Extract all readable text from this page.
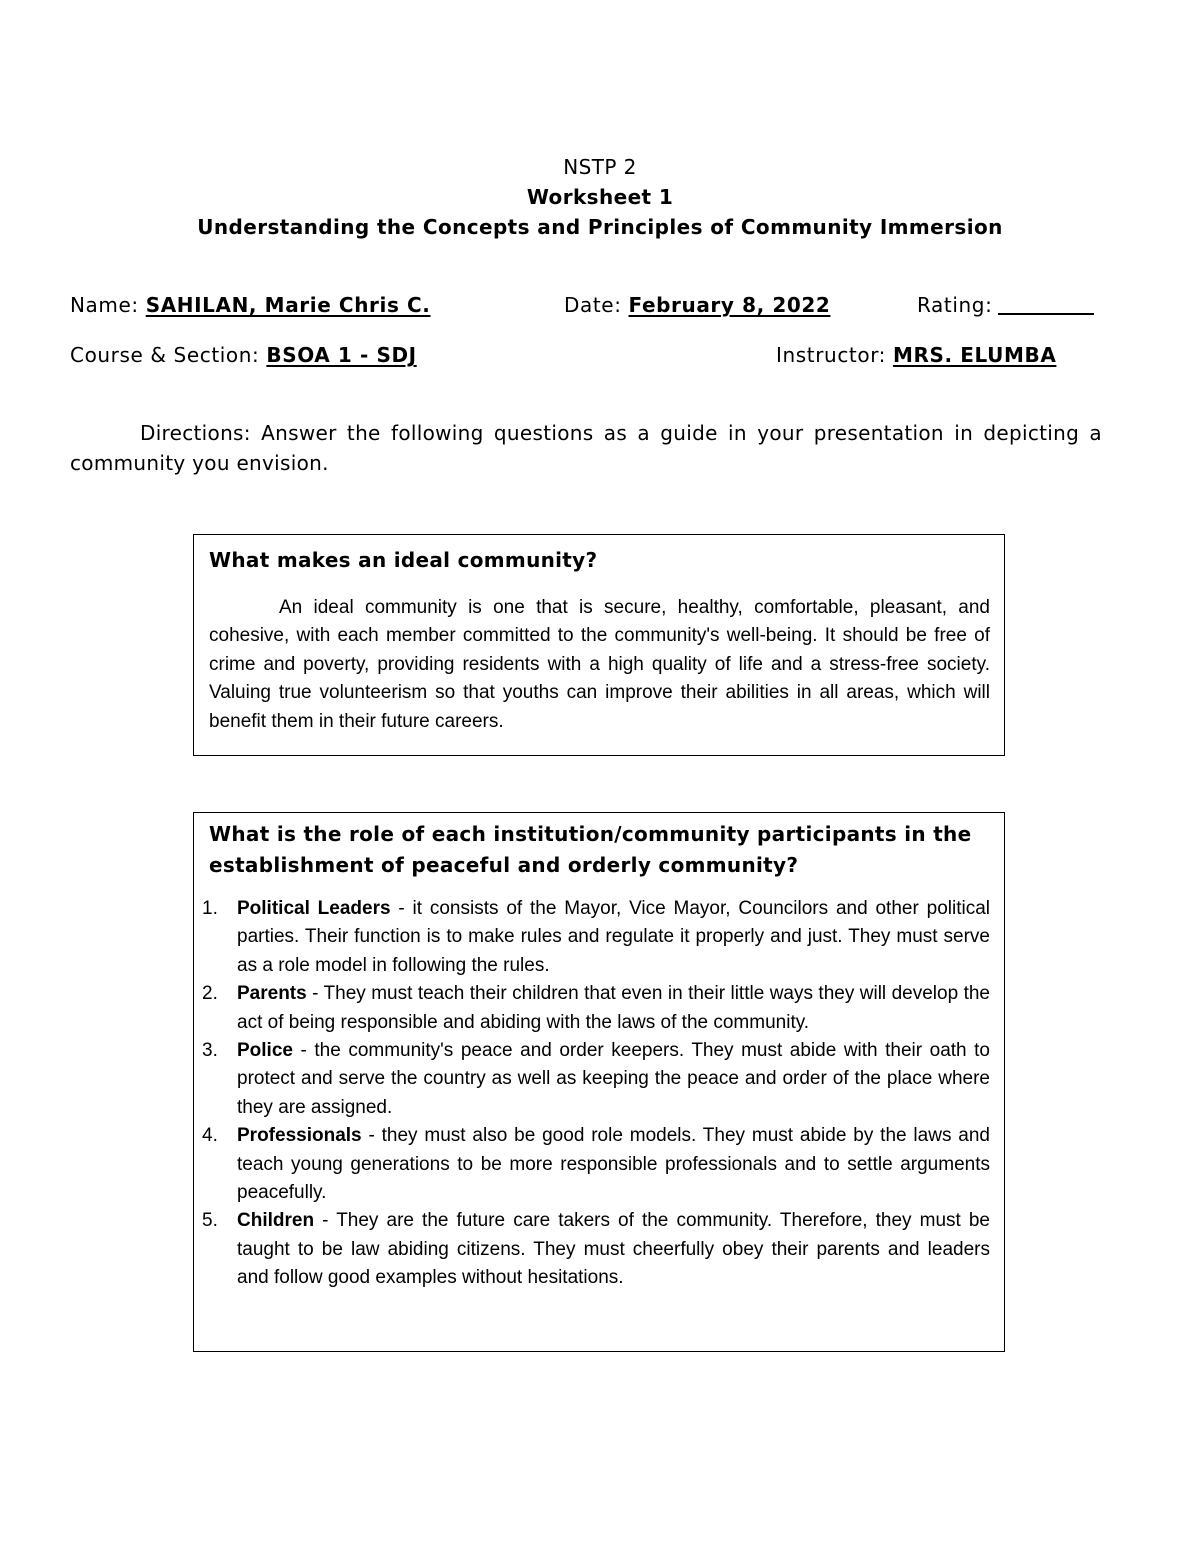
NSTP 2
Worksheet 1
Understanding the Concepts and Principles of Community Immersion
Name: SAHILAN, Marie Chris C.	Date: February 8, 2022	Rating:
Course & Section: BSOA 1 - SDJ	Instructor: MRS. ELUMBA
Directions: Answer the following questions as a guide in your presentation in depicting a community you envision.

What makes an ideal community?

An ideal community is one that is secure, healthy, comfortable, pleasant, and cohesive, with each member committed to the community's well-being. It should be free of crime and poverty, providing residents with a high quality of life and a stress-free society. Valuing true volunteerism so that youths can improve their abilities in all areas, which will benefit them in their future careers.

What is the role of each institution/community participants in the establishment of peaceful and orderly community?

1. Political Leaders - it consists of the Mayor, Vice Mayor, Councilors and other political parties. Their function is to make rules and regulate it properly and just. They must serve as a role model in following the rules.
2. Parents - They must teach their children that even in their little ways they will develop the act of being responsible and abiding with the laws of the community.
3. Police - the community's peace and order keepers. They must abide with their oath to protect and serve the country as well as keeping the peace and order of the place where they are assigned.
4. Professionals - they must also be good role models. They must abide by the laws and teach young generations to be more responsible professionals and to settle arguments peacefully.
5. Children - They are the future care takers of the community. Therefore, they must be taught to be law abiding citizens. They must cheerfully obey their parents and leaders and follow good examples without hesitations.
